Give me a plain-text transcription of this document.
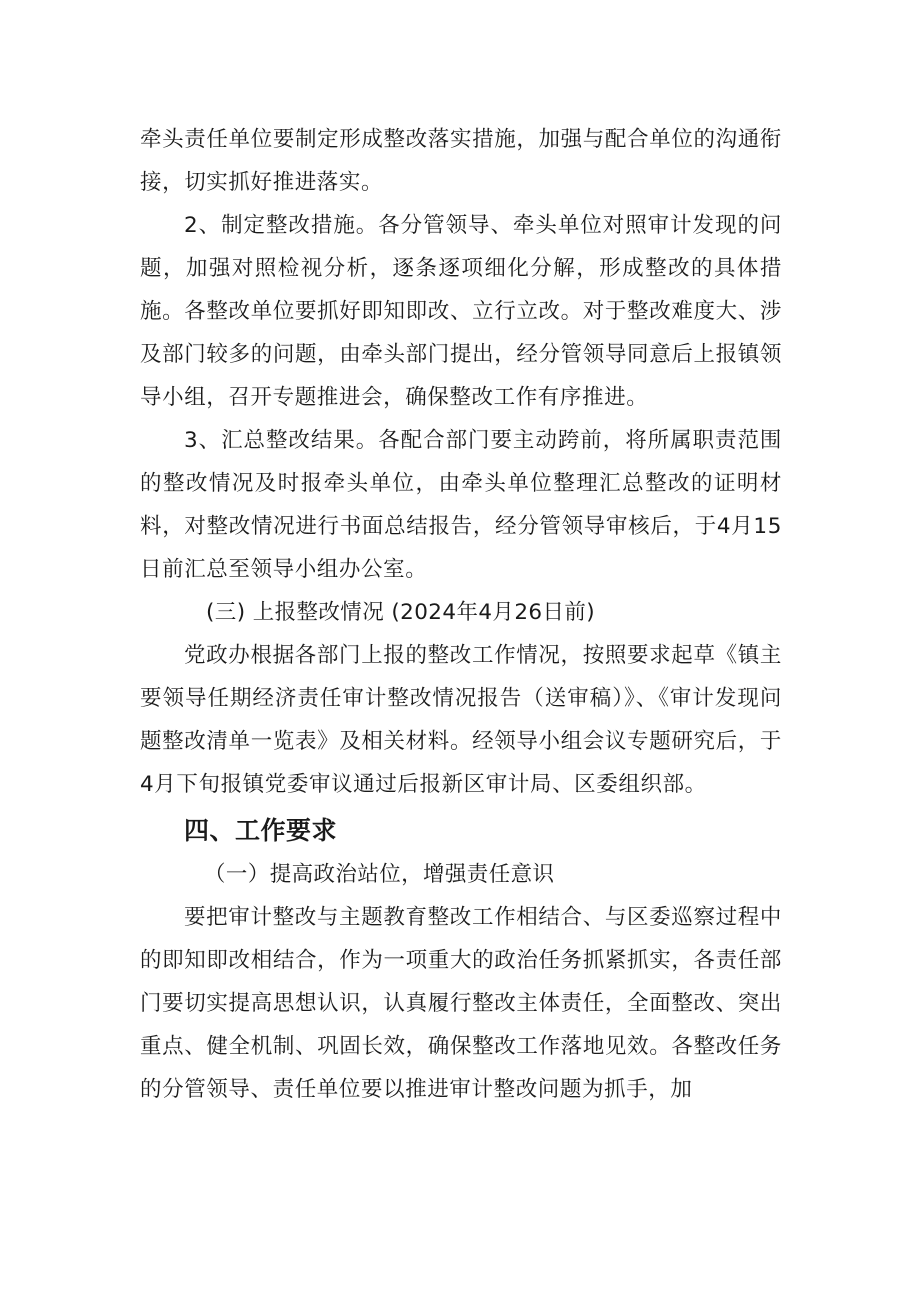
牵头责任单位要制定形成整改落实措施，加强与配合单位的沟通衔接，切实抓好推进落实。

2、制定整改措施。各分管领导、牵头单位对照审计发现的问题，加强对照检视分析，逐条逐项细化分解，形成整改的具体措施。各整改单位要抓好即知即改、立行立改。对于整改难度大、涉及部门较多的问题，由牵头部门提出，经分管领导同意后上报镇领导小组，召开专题推进会，确保整改工作有序推进。

3、汇总整改结果。各配合部门要主动跨前，将所属职责范围的整改情况及时报牵头单位，由牵头单位整理汇总整改的证明材料，对整改情况进行书面总结报告，经分管领导审核后，于4月15日前汇总至领导小组办公室。

(三) 上报整改情况 (2024年4月26日前)

党政办根据各部门上报的整改工作情况，按照要求起草《镇主要领导任期经济责任审计整改情况报告（送审稿）》、《审计发现问题整改清单一览表》及相关材料。经领导小组会议专题研究后，于4月下旬报镇党委审议通过后报新区审计局、区委组织部。

四、工作要求

（一）提高政治站位，增强责任意识

要把审计整改与主题教育整改工作相结合、与区委巡察过程中的即知即改相结合，作为一项重大的政治任务抓紧抓实，各责任部门要切实提高思想认识，认真履行整改主体责任，全面整改、突出重点、健全机制、巩固长效，确保整改工作落地见效。各整改任务的分管领导、责任单位要以推进审计整改问题为抓手，加
